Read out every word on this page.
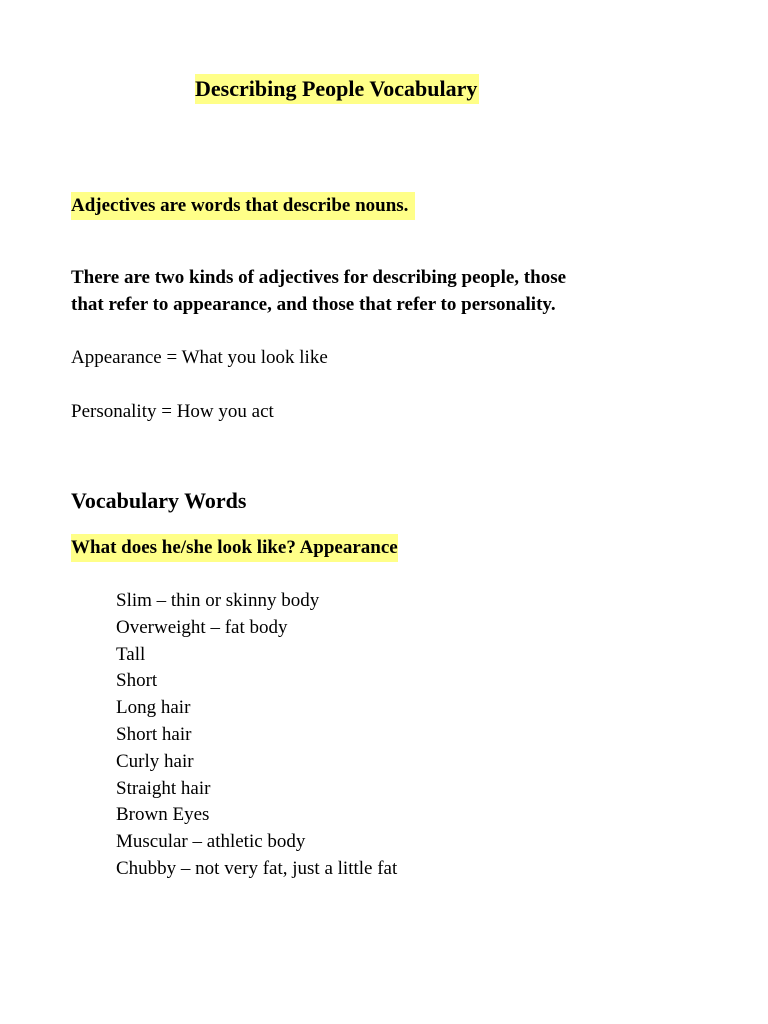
Describing People Vocabulary
Adjectives are words that describe nouns.
There are two kinds of adjectives for describing people, those
that refer to appearance, and those that refer to personality.
Appearance = What you look like
Personality = How you act
Vocabulary Words
What does he/she look like? Appearance
Slim – thin or skinny body
Overweight – fat body
Tall
Short
Long hair
Short hair
Curly hair
Straight hair
Brown Eyes
Muscular – athletic body
Chubby – not very fat, just a little fat
